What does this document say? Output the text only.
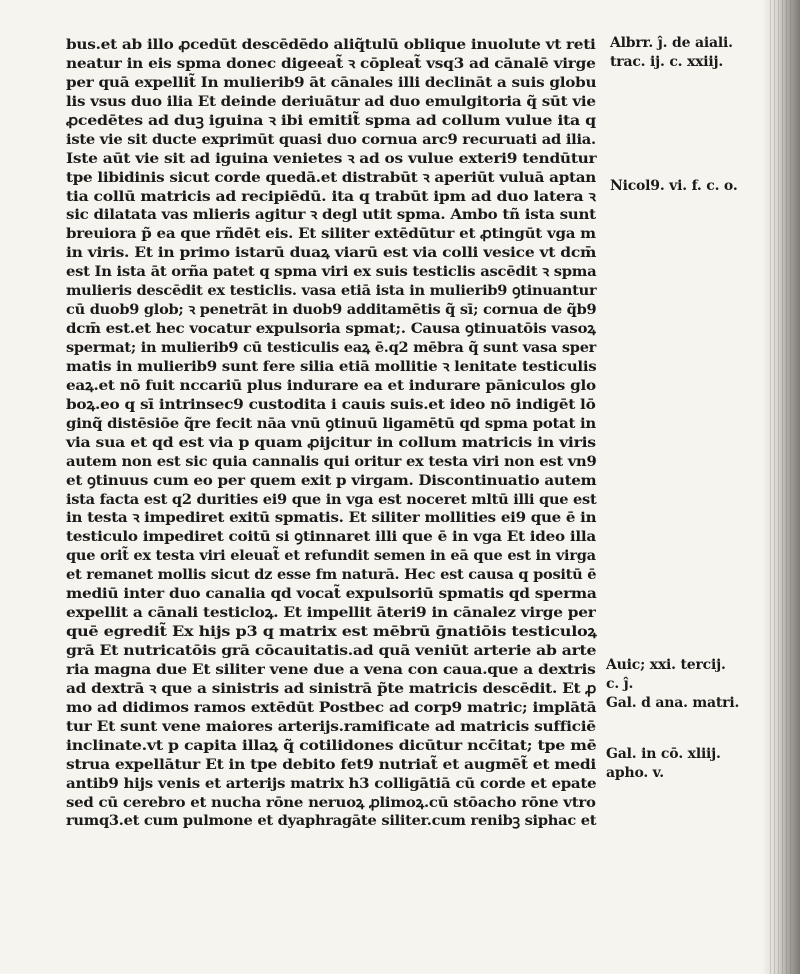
bus.et ab illo ꝓcedūt descēdēdo aliq̃tulū oblique inuolute vt reti
neatur in eis spma donec digeeat̃ ꝛ cōpleat̃ vsq3 ad cānalē virge
per quā expellit̃ In mulierib9 āt cānales illi declināt a suis globu
lis vsus duo ilia Et deinde deriuātur ad duo emulgitoria q̃ sūt vie
ꝓcedētes ad duꝫ iguina ꝛ ibi emitit̃ spma ad collum vulue ita q
iste vie sit ducte exprimūt quasi duo cornua arc9 recuruati ad ilia.
Iste aūt vie sit ad iguina venietes ꝛ ad os vulue exteri9 tendūtur
tpe libidinis sicut corde quedā.et distrabūt ꝛ aperiūt vuluā aptan
tia collū matricis ad recipiēdū. ita q trabūt ipm ad duo latera ꝛ
sic dilatata vas mlieris agitur ꝛ degl utit spma. Ambo tñ ista sunt
breuiora p̃ ea que rñdēt eis. Et siliter extēdūtur et ꝓtingūt vga m
in viris. Et in primo istarū duaꝝ viarū est via colli vesice vt dcm̄
est In ista āt orña patet q spma viri ex suis testiclis ascēdit ꝛ spma
mulieris descēdit ex testiclis. vasa etiā ista in mulierib9 ꝯtinuantur
cū duob9 glob; ꝛ penetrāt in duob9 additamētis q̃ sī; cornua de q̃b9
dcm̄ est.et hec vocatur expulsoria spmat;. Causa ꝯtinuatōis vasoꝝ
spermat; in mulierib9 cū testiculis eaꝝ ē.q2 mēbra q̃ sunt vasa sper
matis in mulierib9 sunt fere silia etiā mollitie ꝛ lenitate testiculis
eaꝝ.et nō fuit nccariū plus indurare ea et indurare pāniculos glo
boꝝ.eo q sī intrinsec9 custodita i cauis suis.et ideo nō indigēt lō
ginq̃ distēsiōe q̃re fecit nāa vnū ꝯtinuū ligamētū qd spma potat in
via sua et qd est via p quam ꝓijcitur in collum matricis in viris
autem non est sic quia cannalis qui oritur ex testa viri non est vn9
et ꝯtinuus cum eo per quem exit p virgam. Discontinuatio autem
ista facta est q2 durities ei9 que in vga est noceret mltū illi que est
in testa ꝛ impediret exitū spmatis. Et siliter mollities ei9 que ē in
testiculo impediret coitū si ꝯtinnaret illi que ē in vga Et ideo illa
que orit̃ ex testa viri eleuat̃ et refundit semen in eā que est in virga
et remanet mollis sicut dz esse fm naturā. Hec est causa q positū ē
mediū inter duo canalia qd vocat̃ expulsoriū spmatis qd sperma
expellit a cānali testicloꝝ. Et impellit āteri9 in cānalez virge per
quē egredit̃ Ex hijs p3 q matrix est mēbrū ḡnatiōis testiculoꝝ
grā Et nutricatōis grā cōcauitatis.ad quā veniūt arterie ab arte
ria magna due Et siliter vene due a vena con caua.que a dextris
ad dextrā ꝛ que a sinistris ad sinistrā p̃te matricis descēdit. Et ꝓ
mo ad didimos ramos extēdūt Postbec ad corp9 matric; implātā
tur Et sunt vene maiores arterijs.ramificate ad matricis sufficiē
inclinate.vt p capita illaꝝ q̃ cotilidones dicūtur ncc̄itat; tpe mē
strua expellātur Et in tpe debito fet9 nutriat̃ et augmēt̃ et medi
antib9 hijs venis et arterijs matrix h3 colligātiā cū corde et epate
sed cū cerebro et nucha rōne neruoꝝ ꝓlimoꝝ.cū stōacho rōne vtro
rumq3.et cum pulmone et dyaphragāte siliter.cum renibꝫ siphac et
Albrr. ĵ. de aiali.
trac. ij. c. xxiij.
Nicol9. vi. f. c. o.
Auic; xxi. tercij.
c. ĵ.
Gal. d ana. matri.
Gal. in cō. xliij.
apho. v.
